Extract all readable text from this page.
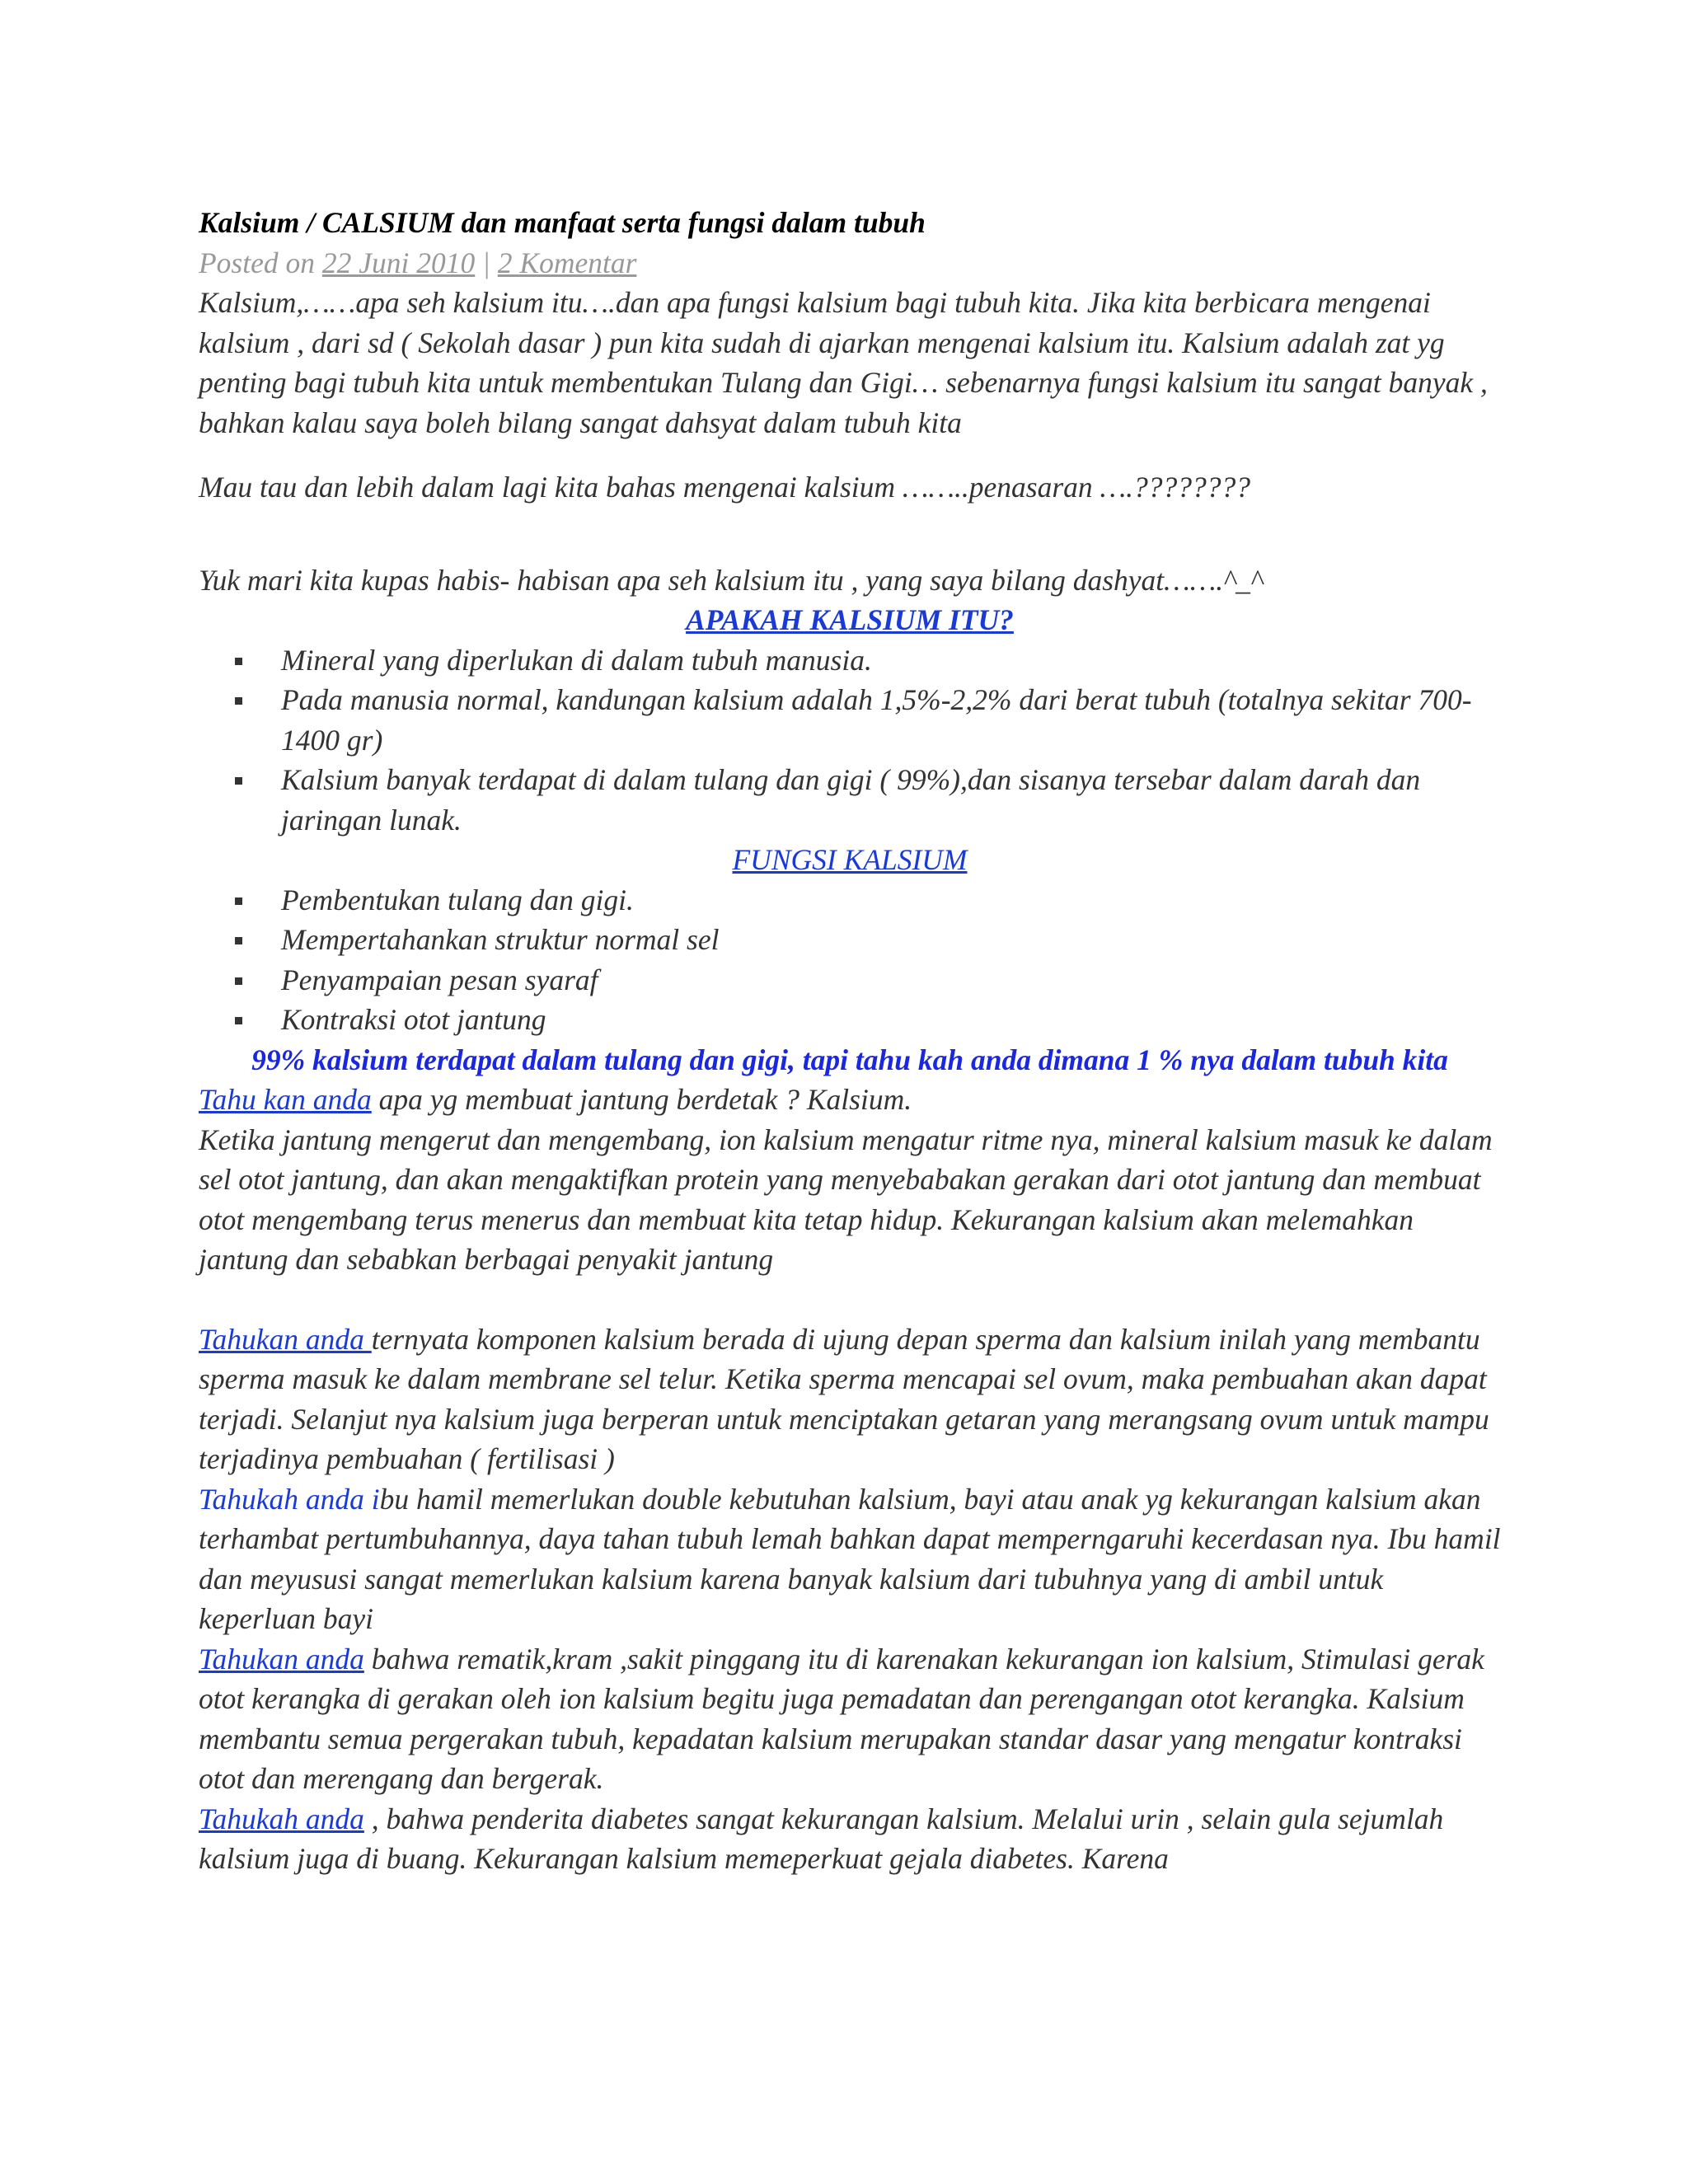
Kalsium / CALSIUM dan manfaat serta fungsi dalam tubuh

Posted on 22 Juni 2010 | 2 Komentar

Kalsium,……apa seh kalsium itu….dan apa fungsi kalsium bagi tubuh kita. Jika kita berbicara mengenai kalsium , dari sd ( Sekolah dasar ) pun kita sudah di ajarkan mengenai kalsium itu. Kalsium adalah zat yg penting bagi tubuh kita untuk membentukan Tulang dan Gigi… sebenarnya fungsi kalsium itu sangat banyak , bahkan kalau saya boleh bilang sangat dahsyat dalam tubuh kita

Mau tau dan lebih dalam lagi kita bahas mengenai kalsium ……..penasaran ….????????

Yuk mari kita kupas habis- habisan apa seh kalsium itu , yang saya bilang dashyat…….^_^

APAKAH KALSIUM ITU?

Mineral yang diperlukan di dalam tubuh manusia.
Pada manusia normal, kandungan kalsium adalah 1,5%-2,2% dari berat tubuh (totalnya sekitar 700-1400 gr)
Kalsium banyak terdapat di dalam tulang dan gigi ( 99%),dan sisanya tersebar dalam darah dan jaringan lunak.

FUNGSI KALSIUM

Pembentukan tulang dan gigi.
Mempertahankan struktur normal sel
Penyampaian pesan syaraf
Kontraksi otot jantung

99% kalsium terdapat dalam tulang dan gigi, tapi tahu kah anda dimana 1 % nya dalam tubuh kita

Tahu kan anda apa yg membuat jantung berdetak ? Kalsium.

Ketika jantung mengerut dan mengembang, ion kalsium mengatur ritme nya, mineral kalsium masuk ke dalam sel otot jantung, dan akan mengaktifkan protein yang menyebabakan gerakan dari otot jantung dan membuat otot mengembang terus menerus dan membuat kita tetap hidup. Kekurangan kalsium akan melemahkan jantung dan sebabkan berbagai penyakit jantung

Tahukan anda ternyata komponen kalsium berada di ujung depan sperma dan kalsium inilah yang membantu sperma masuk ke dalam membrane sel telur. Ketika sperma mencapai sel ovum, maka pembuahan akan dapat terjadi. Selanjut nya kalsium juga berperan untuk menciptakan getaran yang merangsang ovum untuk mampu terjadinya pembuahan ( fertilisasi )

Tahukah anda ibu hamil memerlukan double kebutuhan kalsium, bayi atau anak yg kekurangan kalsium akan terhambat pertumbuhannya, daya tahan tubuh lemah bahkan dapat memperngaruhi kecerdasan nya. Ibu hamil dan meyususi sangat memerlukan kalsium karena banyak kalsium dari tubuhnya yang di ambil untuk keperluan bayi

Tahukan anda bahwa rematik,kram ,sakit pinggang itu di karenakan kekurangan ion kalsium, Stimulasi gerak otot kerangka di gerakan oleh ion kalsium begitu juga pemadatan dan perengangan otot kerangka. Kalsium membantu semua pergerakan tubuh, kepadatan kalsium merupakan standar dasar yang mengatur kontraksi otot dan merengang dan bergerak.

Tahukah anda , bahwa penderita diabetes sangat kekurangan kalsium. Melalui urin , selain gula sejumlah kalsium juga di buang. Kekurangan kalsium memeperkuat gejala diabetes. Karena
